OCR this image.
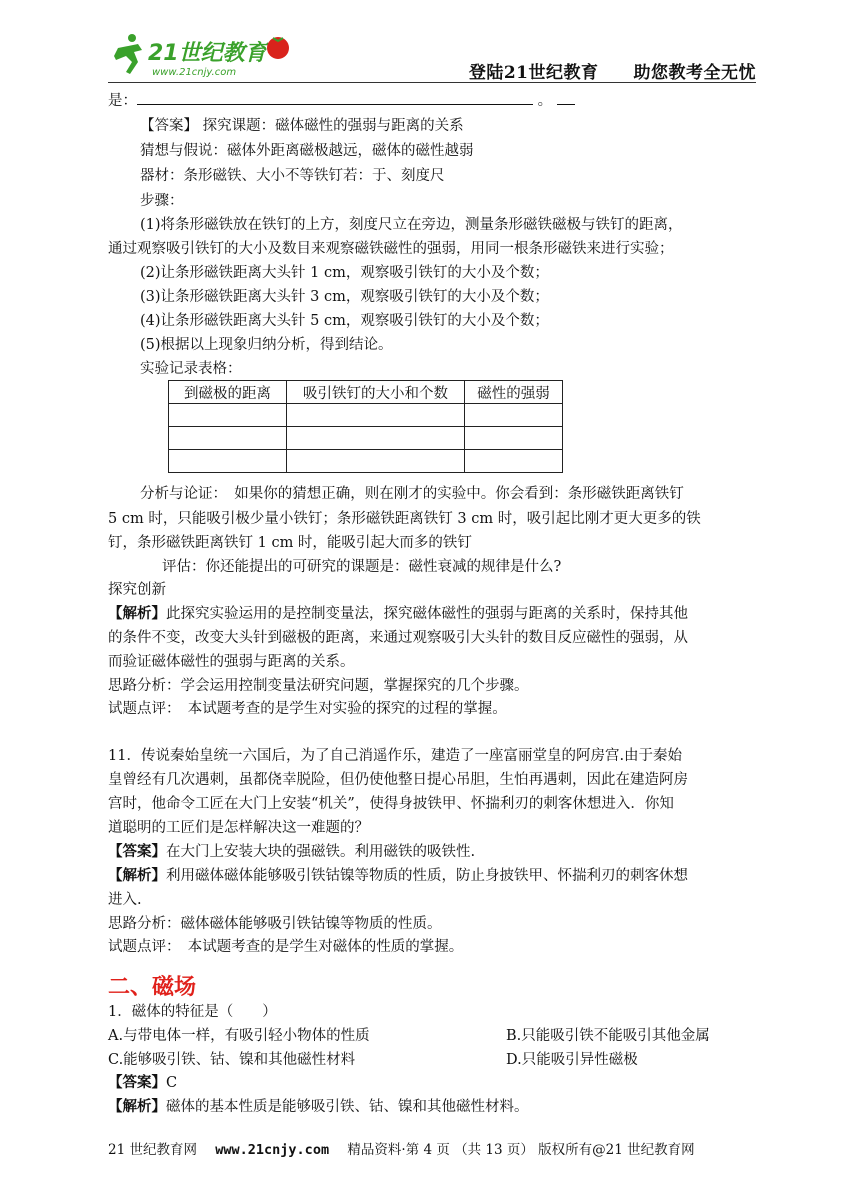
21世纪教育
www.21cnjy.com	登陆21世纪教育　　助您教考全无忧
是：	。
【答案】 探究课题：磁体磁性的强弱与距离的关系
猜想与假说：磁体外距离磁极越远，磁体的磁性越弱
器材：条形磁铁、大小不等铁钉若：于、刻度尺
步骤：
(1)将条形磁铁放在铁钉的上方，刻度尺立在旁边，测量条形磁铁磁极与铁钉的距离，
通过观察吸引铁钉的大小及数目来观察磁铁磁性的强弱，用同一根条形磁铁来进行实验；
(2)让条形磁铁距离大头针 1 cm，观察吸引铁钉的大小及个数；
(3)让条形磁铁距离大头针 3 cm，观察吸引铁钉的大小及个数；
(4)让条形磁铁距离大头针 5 cm，观察吸引铁钉的大小及个数；
(5)根据以上现象归纳分析，得到结论。
实验记录表格：
到磁极的距离	吸引铁钉的大小和个数	磁性的强弱

分析与论证：　如果你的猜想正确，则在刚才的实验中。你会看到：条形磁铁距离铁钉
5 cm 时，只能吸引极少量小铁钉；条形磁铁距离铁钉 3 cm 时，吸引起比刚才更大更多的铁
钉，条形磁铁距离铁钉 1 cm 时，能吸引起大而多的铁钉
评估：你还能提出的可研究的课题是：磁性衰减的规律是什么?
探究创新
【解析】此探究实验运用的是控制变量法，探究磁体磁性的强弱与距离的关系时，保持其他
的条件不变，改变大头针到磁极的距离，来通过观察吸引大头针的数目反应磁性的强弱，从
而验证磁体磁性的强弱与距离的关系。
思路分析：学会运用控制变量法研究问题，掌握探究的几个步骤。
试题点评：　本试题考查的是学生对实验的探究的过程的掌握。
11．传说秦始皇统一六国后，为了自己消遥作乐，建造了一座富丽堂皇的阿房宫.由于秦始
皇曾经有几次遇刺，虽都侥幸脱险，但仍使他整日提心吊胆，生怕再遇刺，因此在建造阿房
宫时，他命令工匠在大门上安装“机关”，使得身披铁甲、怀揣利刃的刺客休想进入．你知
道聪明的工匠们是怎样解决这一难题的？
【答案】在大门上安装大块的强磁铁。利用磁铁的吸铁性.
【解析】利用磁体磁体能够吸引铁钴镍等物质的性质，防止身披铁甲、怀揣利刃的刺客休想
进入.
思路分析：磁体磁体能够吸引铁钴镍等物质的性质。
试题点评：　本试题考查的是学生对磁体的性质的掌握。
二、磁场
1．磁体的特征是（　　）
A.与带电体一样，有吸引轻小物体的性质	B.只能吸引铁不能吸引其他金属
C.能够吸引铁、钴、镍和其他磁性材料	D.只能吸引异性磁极
【答案】C
【解析】磁体的基本性质是能够吸引铁、钴、镍和其他磁性材料。
21 世纪教育网 www.21cnjy.com 精品资料·第 4 页 （共 13 页） 版权所有@21 世纪教育网
